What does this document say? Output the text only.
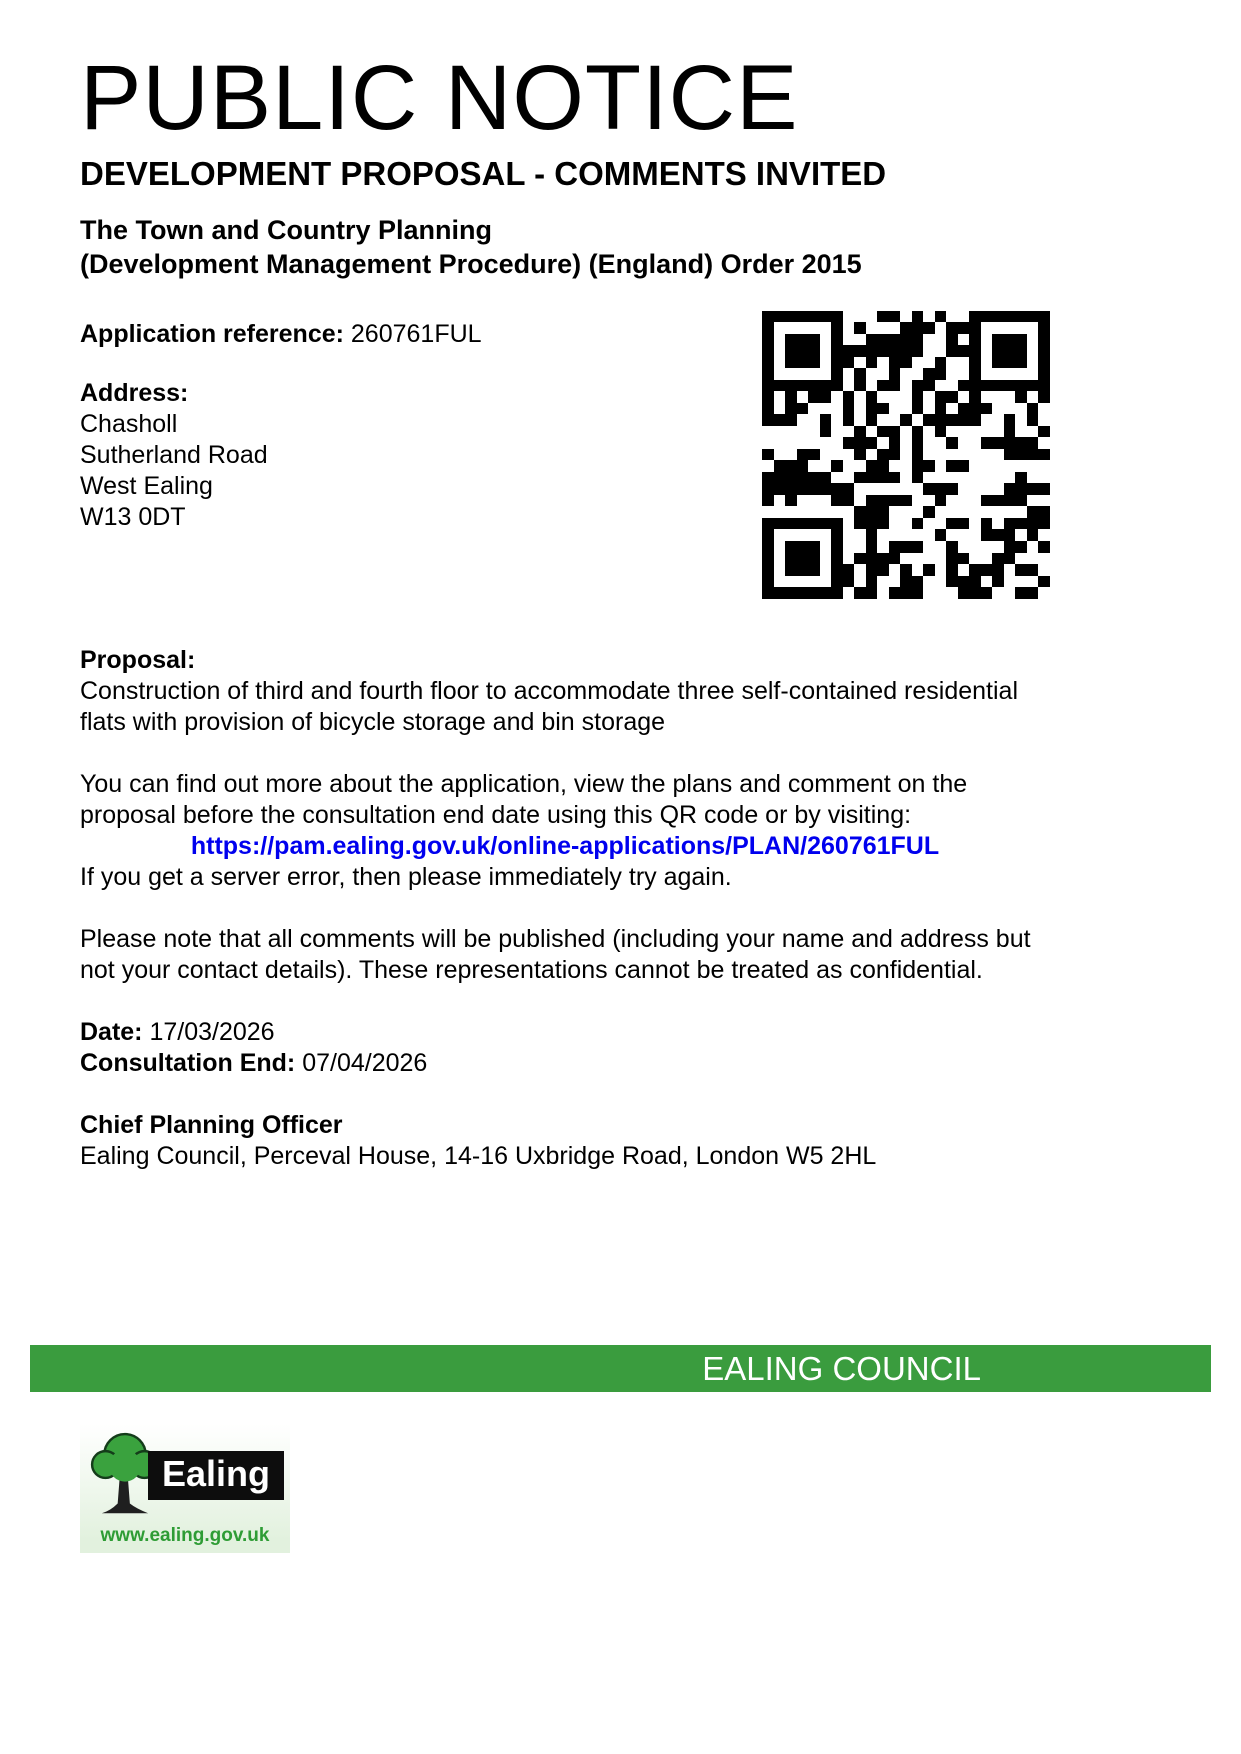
PUBLIC NOTICE
DEVELOPMENT PROPOSAL - COMMENTS INVITED

The Town and Country Planning
(Development Management Procedure) (England) Order 2015

Application reference: 260761FUL

Address:

Chasholl

Sutherland Road

West Ealing

W13 0DT

Proposal:

Construction of third and fourth floor to accommodate three self-contained residential flats with provision of bicycle storage and bin storage

You can find out more about the application, view the plans and comment on the proposal before the consultation end date using this QR code or by visiting:

https://pam.ealing.gov.uk/online-applications/PLAN/260761FUL

If you get a server error, then please immediately try again.

Please note that all comments will be published (including your name and address but not your contact details). These representations cannot be treated as confidential.

Date: 17/03/2026

Consultation End: 07/04/2026

Chief Planning Officer

Ealing Council, Perceval House, 14-16 Uxbridge Road, London W5 2HL

EALING COUNCIL
Ealing
www.ealing.gov.uk
